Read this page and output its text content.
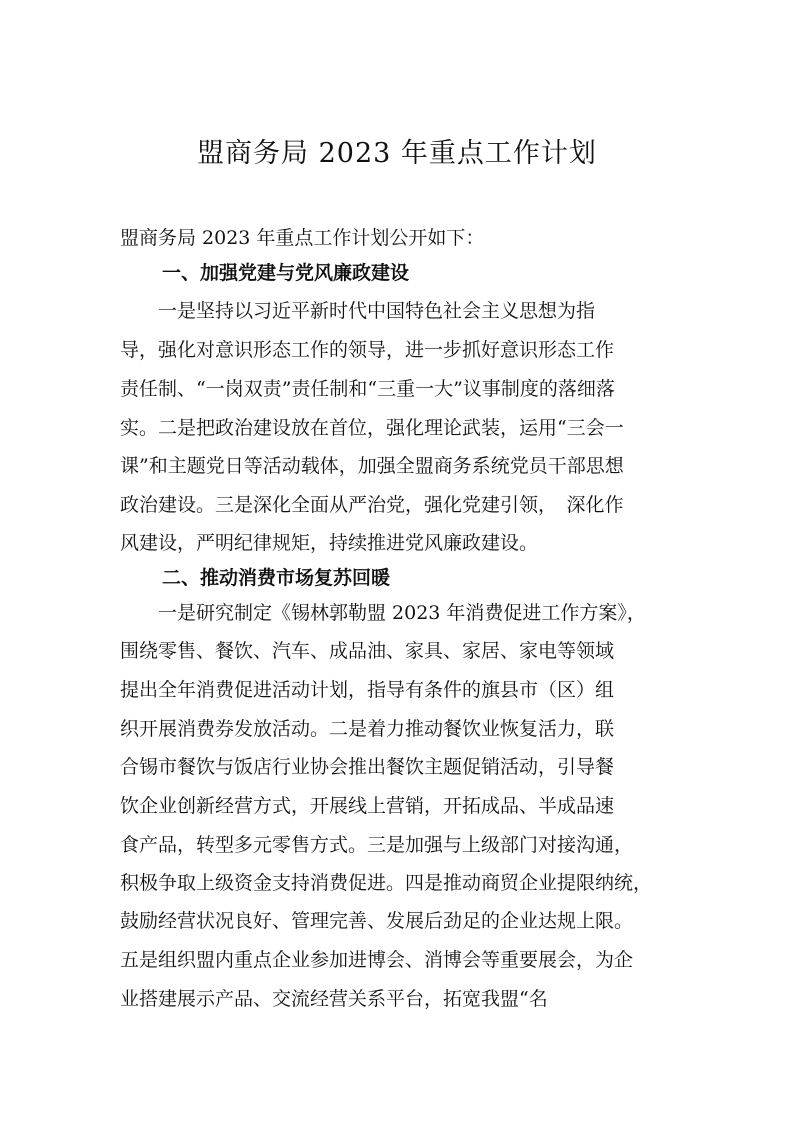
盟商务局 2023 年重点工作计划
盟商务局 2023 年重点工作计划公开如下：
一、加强党建与党风廉政建设
　　一是坚持以习近平新时代中国特色社会主义思想为指
导，强化对意识形态工作的领导，进一步抓好意识形态工作
责任制、“一岗双责”责任制和“三重一大”议事制度的落细落
实。二是把政治建设放在首位，强化理论武装，运用“三会一
课”和主题党日等活动载体，加强全盟商务系统党员干部思想
政治建设。三是深化全面从严治党，强化党建引领，　深化作
风建设，严明纪律规矩，持续推进党风廉政建设。
二、推动消费市场复苏回暖
　　一是研究制定《锡林郭勒盟 2023 年消费促进工作方案》，
围绕零售、餐饮、汽车、成品油、家具、家居、家电等领域
提出全年消费促进活动计划，指导有条件的旗县市（区）组
织开展消费券发放活动。二是着力推动餐饮业恢复活力，联
合锡市餐饮与饭店行业协会推出餐饮主题促销活动，引导餐
饮企业创新经营方式，开展线上营销，开拓成品、半成品速
食产品，转型多元零售方式。三是加强与上级部门对接沟通，
积极争取上级资金支持消费促进。四是推动商贸企业提限纳统，
鼓励经营状况良好、管理完善、发展后劲足的企业达规上限。
五是组织盟内重点企业参加进博会、消博会等重要展会，为企
业搭建展示产品、交流经营关系平台，拓宽我盟“名
